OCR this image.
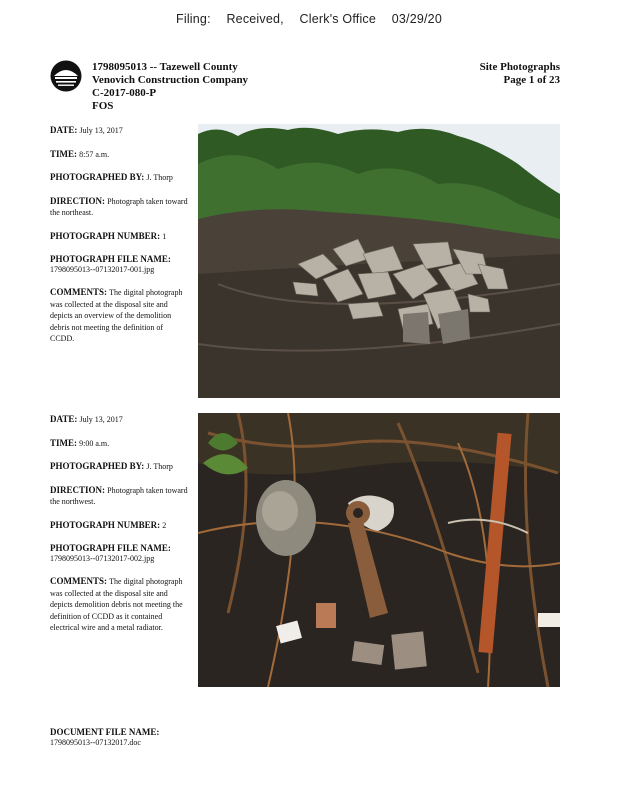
Filing: Received, Clerk's Office 03/29/20
1798095013 -- Tazewell County
Venovich Construction Company
C-2017-080-P
FOS
Site Photographs
Page 1 of 23
DATE: July 13, 2017
TIME: 8:57 a.m.
PHOTOGRAPHED BY: J. Thorp
DIRECTION: Photograph taken toward the northeast.
PHOTOGRAPH NUMBER: 1
PHOTOGRAPH FILE NAME:
1798095013--07132017-001.jpg
COMMENTS: The digital photograph was collected at the disposal site and depicts an overview of the demolition debris not meeting the definition of CCDD.
DATE: July 13, 2017
TIME: 9:00 a.m.
PHOTOGRAPHED BY: J. Thorp
DIRECTION: Photograph taken toward the northwest.
PHOTOGRAPH NUMBER: 2
PHOTOGRAPH FILE NAME:
1798095013--07132017-002.jpg
COMMENTS: The digital photograph was collected at the disposal site and depicts demolition debris not meeting the definition of CCDD as it contained electrical wire and a metal radiator.
DOCUMENT FILE NAME:
1798095013--07132017.doc
